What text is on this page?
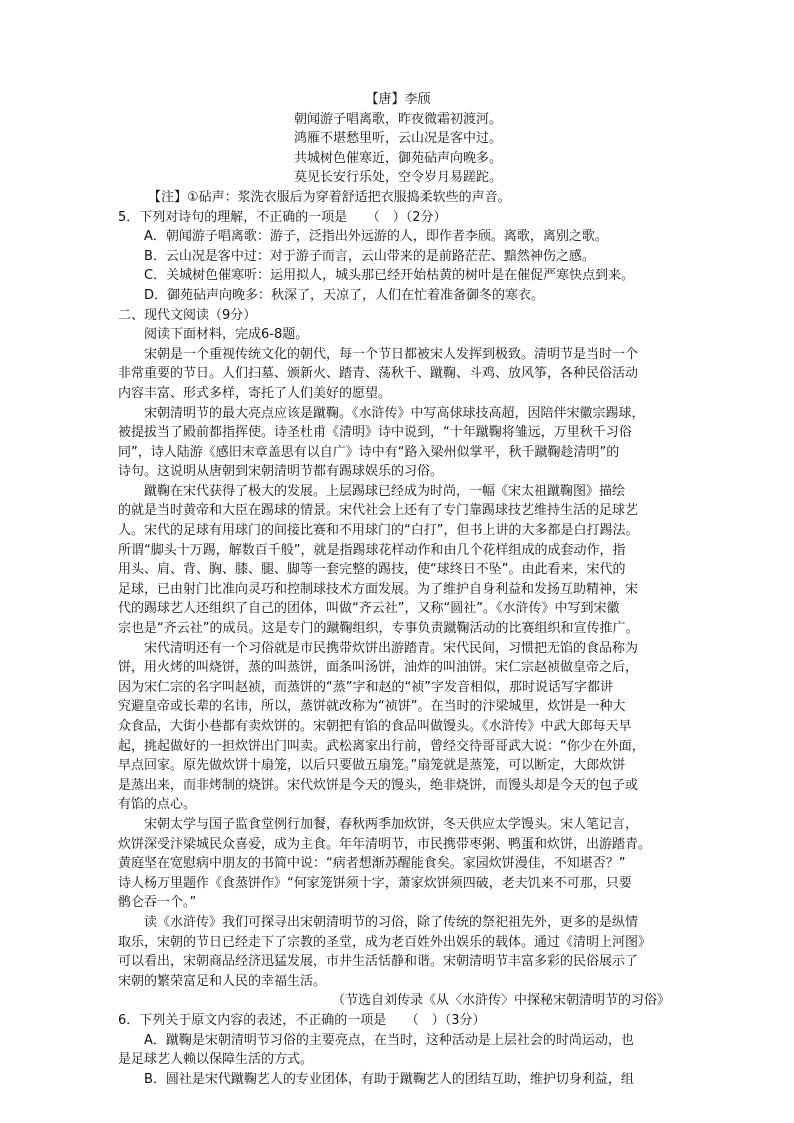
【唐】李颀
朝闻游子唱离歌，昨夜微霜初渡河。
鸿雁不堪愁里听，云山况是客中过。
共城树色催寒近，御苑砧声向晚多。
莫见长安行乐处，空令岁月易蹉跎。
【注】①砧声：浆洗衣服后为穿着舒适把衣服捣柔软些的声音。
5．下列对诗句的理解，不正确的一项是　　（　）（2分）
A．朝闻游子唱离歌：游子，泛指出外远游的人，即作者李颀。离歌，离别之歌。
B．云山况是客中过：对于游子而言，云山带来的是前路茫茫、黯然神伤之感。
C．关城树色催寒听：运用拟人，城头那已经开始枯黄的树叶是在催促严寒快点到来。
D．御苑砧声向晚多：秋深了，天凉了，人们在忙着准备御冬的寒衣。
二、现代文阅读（9分）
阅读下面材料，完成6-8题。
宋朝是一个重视传统文化的朝代，每一个节日都被宋人发挥到极致。清明节是当时一个
非常重要的节日。人们扫墓、颁新火、踏青、荡秋千、蹴鞠、斗鸡、放风筝，各种民俗活动
内容丰富、形式多样，寄托了人们美好的愿望。
宋朝清明节的最大亮点应该是蹴鞠。《水浒传》中写高俅球技高超，因陪伴宋徽宗踢球，
被提拔当了殿前都指挥使。诗圣杜甫《清明》诗中说到，“十年蹴鞠将雏远，万里秋千习俗
同”，诗人陆游《感旧末章盖思有以自广》诗中有“路入梁州似掌平，秋千蹴鞠趁清明”的
诗句。这说明从唐朝到宋朝清明节都有踢球娱乐的习俗。
蹴鞠在宋代获得了极大的发展。上层踢球已经成为时尚，一幅《宋太祖蹴鞠图》描绘
的就是当时黄帝和大臣在踢球的情景。宋代社会上还有了专门靠踢球技艺维持生活的足球艺
人。宋代的足球有用球门的间接比赛和不用球门的“白打”，但书上讲的大多都是白打踢法。
所谓“脚头十万踢，解数百千般”，就是指踢球花样动作和由几个花样组成的成套动作，指
用头、肩、背、胸、膝、腿、脚等一套完整的踢技，使“球终日不坠”。由此看来，宋代的
足球，已由射门比准向灵巧和控制球技术方面发展。为了维护自身利益和发扬互助精神，宋
代的踢球艺人还组织了自己的团体，叫做“齐云社”，又称“圆社”。《水浒传》中写到宋徽
宗也是“齐云社”的成员。这是专门的蹴鞠组织，专事负责蹴鞠活动的比赛组织和宣传推广。
宋代清明还有一个习俗就是市民携带炊饼出游踏青。宋代民间，习惯把无馅的食品称为
饼，用火烤的叫烧饼，蒸的叫蒸饼，面条叫汤饼，油炸的叫油饼。宋仁宗赵祯做皇帝之后，
因为宋仁宗的名字叫赵祯，而蒸饼的“蒸”字和赵的“祯”字发音相似，那时说话写字都讲
究避皇帝或长辈的名讳，所以，蒸饼就改称为“祯饼”。在当时的汴梁城里，炊饼是一种大
众食品，大街小巷都有卖炊饼的。宋朝把有馅的食品叫做馒头。《水浒传》中武大郎每天早
起，挑起做好的一担炊饼出门叫卖。武松离家出行前，曾经交待哥哥武大说：“你少在外面，
早点回家。原先做炊饼十扇笼，以后只要做五扇笼。”扇笼就是蒸笼，可以断定，大郎炊饼
是蒸出来，而非烤制的烧饼。宋代炊饼是今天的馒头，绝非烧饼，而馒头却是今天的包子或
有馅的点心。
宋朝太学与国子监食堂例行加餐，春秋两季加炊饼，冬天供应太学馒头。宋人笔记言，
炊饼深受汴梁城民众喜爱，成为主食。年年清明节，市民携带枣粥、鸭蛋和炊饼，出游踏青。
黄庭坚在宽慰病中朋友的书简中说：“病者想渐苏醒能食矣。家园炊饼漫佳，不知堪否？”
诗人杨万里题作《食蒸饼作》“何家笼饼须十字，萧家炊饼须四破，老夫饥来不可那，只要
鹘仑吞一个。”
读《水浒传》我们可探寻出宋朝清明节的习俗，除了传统的祭祀祖先外，更多的是纵情
取乐，宋朝的节日已经走下了宗教的圣堂，成为老百姓外出娱乐的载体。通过《清明上河图》
可以看出，宋朝商品经济迅猛发展，市井生活恬静和谐。宋朝清明节丰富多彩的民俗展示了
宋朝的繁荣富足和人民的幸福生活。
（节选自刘传录《从〈水浒传〉中探秘宋朝清明节的习俗》
6．下列关于原文内容的表述，不正确的一项是　　（　）（3分）
A．蹴鞠是宋朝清明节习俗的主要亮点，在当时，这种活动是上层社会的时尚运动，也
是足球艺人赖以保障生活的方式。
B．圆社是宋代蹴鞠艺人的专业团体，有助于蹴鞠艺人的团结互助，维护切身利益，组
